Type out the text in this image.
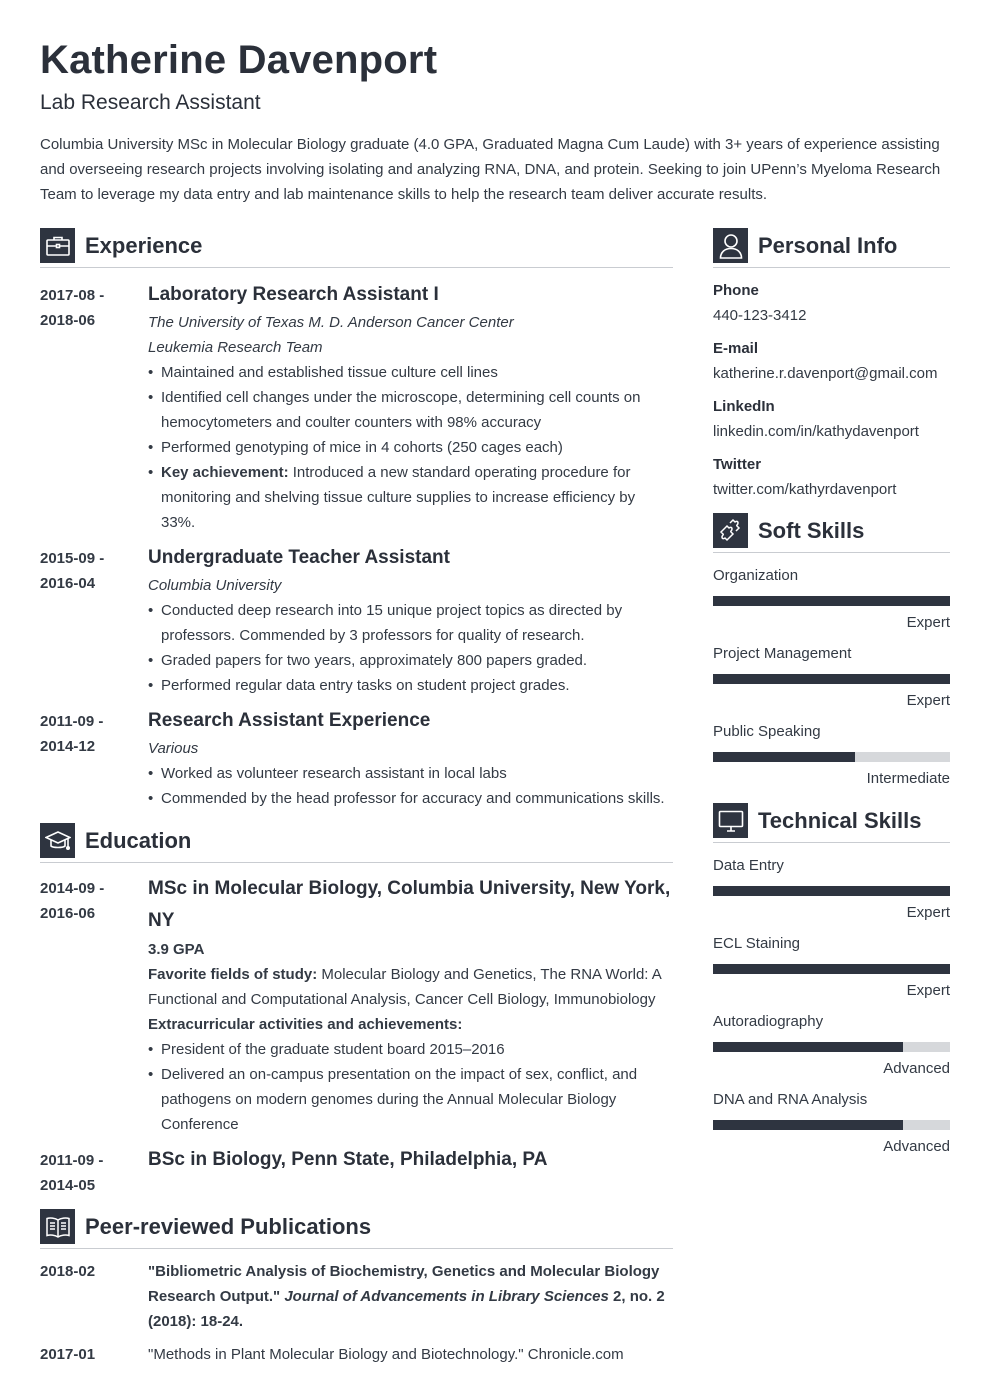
Katherine Davenport
Lab Research Assistant
Columbia University MSc in Molecular Biology graduate (4.0 GPA, Graduated Magna Cum Laude) with 3+ years of experience assisting and overseeing research projects involving isolating and analyzing RNA, DNA, and protein. Seeking to join UPenn’s Myeloma Research Team to leverage my data entry and lab maintenance skills to help the research team deliver accurate results.
Experience
2017-08 -
2018-06
Laboratory Research Assistant I
The University of Texas M. D. Anderson Cancer Center
Leukemia Research Team
• Maintained and established tissue culture cell lines
• Identified cell changes under the microscope, determining cell counts on hemocytometers and coulter counters with 98% accuracy
• Performed genotyping of mice in 4 cohorts (250 cages each)
• Key achievement: Introduced a new standard operating procedure for monitoring and shelving tissue culture supplies to increase efficiency by 33%.
2015-09 -
2016-04
Undergraduate Teacher Assistant
Columbia University
• Conducted deep research into 15 unique project topics as directed by professors. Commended by 3 professors for quality of research.
• Graded papers for two years, approximately 800 papers graded.
• Performed regular data entry tasks on student project grades.
2011-09 -
2014-12
Research Assistant Experience
Various
• Worked as volunteer research assistant in local labs
• Commended by the head professor for accuracy and communications skills.
Education
2014-09 -
2016-06
MSc in Molecular Biology, Columbia University, New York, NY
3.9 GPA
Favorite fields of study: Molecular Biology and Genetics, The RNA World: A Functional and Computational Analysis, Cancer Cell Biology, Immunobiology
Extracurricular activities and achievements:
• President of the graduate student board 2015–2016
• Delivered an on-campus presentation on the impact of sex, conflict, and pathogens on modern genomes during the Annual Molecular Biology Conference
2011-09 -
2014-05
BSc in Biology, Penn State, Philadelphia, PA
Peer-reviewed Publications
2018-02	"Bibliometric Analysis of Biochemistry, Genetics and Molecular Biology Research Output." Journal of Advancements in Library Sciences 2, no. 2 (2018): 18-24.
2017-01	"Methods in Plant Molecular Biology and Biotechnology." Chronicle.com
Personal Info
Phone
440-123-3412
E-mail
katherine.r.davenport@gmail.com
LinkedIn
linkedin.com/in/kathydavenport
Twitter
twitter.com/kathyrdavenport
Soft Skills
Organization
Expert
Project Management
Expert
Public Speaking
Intermediate
Technical Skills
Data Entry
Expert
ECL Staining
Expert
Autoradiography
Advanced
DNA and RNA Analysis
Advanced
